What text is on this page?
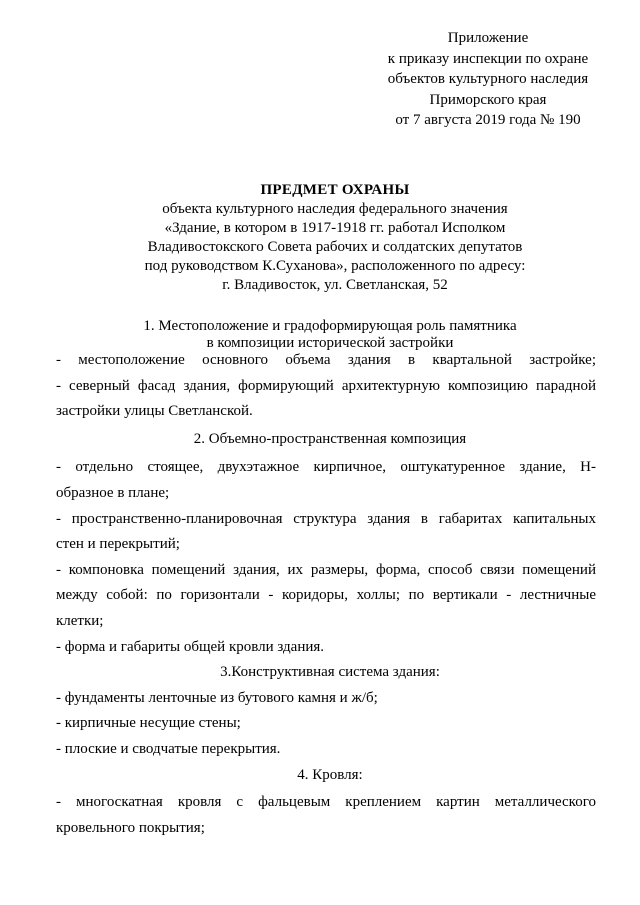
Приложение
к приказу инспекции по охране
объектов культурного наследия
Приморского края
от 7 августа 2019 года № 190
ПРЕДМЕТ ОХРАНЫ
объекта культурного наследия федерального значения
«Здание, в котором в 1917-1918 гг. работал Исполком
Владивостокского Совета рабочих и солдатских депутатов
под руководством К.Суханова», расположенного по адресу:
г. Владивосток, ул. Светланская, 52
1. Местоположение и градоформирующая роль памятника
в композиции исторической застройки
- местоположение основного объема здания в квартальной застройке;
- северный фасад здания, формирующий архитектурную композицию парадной
застройки улицы Светланской.
2. Объемно-пространственная композиция
- отдельно стоящее, двухэтажное кирпичное, оштукатуренное здание, Н-
образное в плане;
- пространственно-планировочная структура здания в габаритах капитальных
стен и перекрытий;
- компоновка помещений здания, их размеры, форма, способ связи помещений
между собой: по горизонтали - коридоры, холлы; по вертикали - лестничные
клетки;
- форма и габариты общей кровли здания.
3.Конструктивная система здания:
- фундаменты ленточные из бутового камня и ж/б;
- кирпичные несущие стены;
- плоские и сводчатые перекрытия.
4. Кровля:
- многоскатная кровля с фальцевым креплением картин металлического
кровельного покрытия;
